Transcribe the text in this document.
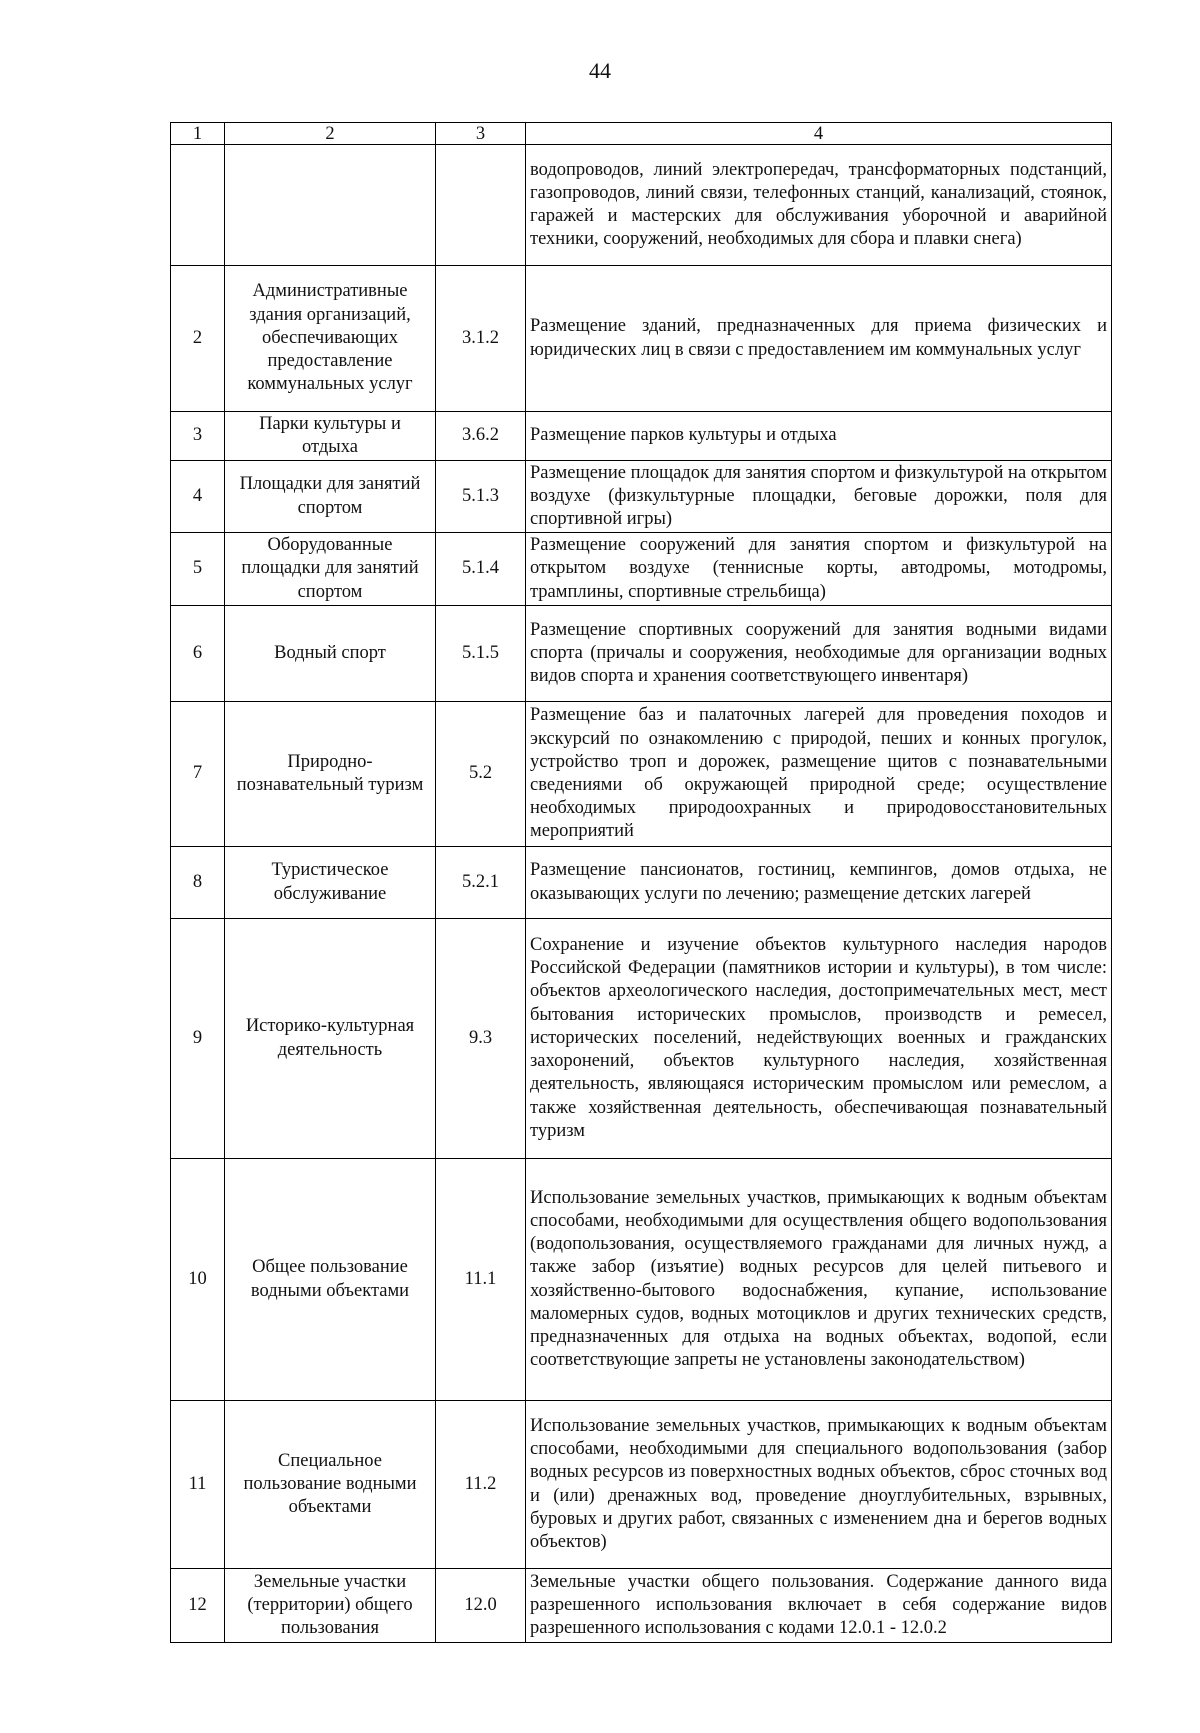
44
1	2	3	4
			водопроводов, линий электропередач, трансформаторных подстанций, газопроводов, линий связи, телефонных станций, канализаций, стоянок, гаражей и мастерских для обслуживания уборочной и аварийной техники, сооружений, необходимых для сбора и плавки снега)
2	Административные здания организаций, обеспечивающих предоставление коммунальных услуг	3.1.2	Размещение зданий, предназначенных для приема физических и юридических лиц в связи с предоставлением им коммунальных услуг
3	Парки культуры и отдыха	3.6.2	Размещение парков культуры и отдыха
4	Площадки для занятий спортом	5.1.3	Размещение площадок для занятия спортом и физкультурой на открытом воздухе (физкультурные площадки, беговые дорожки, поля для спортивной игры)
5	Оборудованные площадки для занятий спортом	5.1.4	Размещение сооружений для занятия спортом и физкультурой на открытом воздухе (теннисные корты, автодромы, мотодромы, трамплины, спортивные стрельбища)
6	Водный спорт	5.1.5	Размещение спортивных сооружений для занятия водными видами спорта (причалы и сооружения, необходимые для организации водных видов спорта и хранения соответствующего инвентаря)
7	Природно-познавательный туризм	5.2	Размещение баз и палаточных лагерей для проведения походов и экскурсий по ознакомлению с природой, пеших и конных прогулок, устройство троп и дорожек, размещение щитов с познавательными сведениями об окружающей природной среде; осуществление необходимых природоохранных и природовосстановительных мероприятий
8	Туристическое обслуживание	5.2.1	Размещение пансионатов, гостиниц, кемпингов, домов отдыха, не оказывающих услуги по лечению; размещение детских лагерей
9	Историко-культурная деятельность	9.3	Сохранение и изучение объектов культурного наследия народов Российской Федерации (памятников истории и культуры), в том числе: объектов археологического наследия, достопримечательных мест, мест бытования исторических промыслов, производств и ремесел, исторических поселений, недействующих военных и гражданских захоронений, объектов культурного наследия, хозяйственная деятельность, являющаяся историческим промыслом или ремеслом, а также хозяйственная деятельность, обеспечивающая познавательный туризм
10	Общее пользование водными объектами	11.1	Использование земельных участков, примыкающих к водным объектам способами, необходимыми для осуществления общего водопользования (водопользования, осуществляемого гражданами для личных нужд, а также забор (изъятие) водных ресурсов для целей питьевого и хозяйственно-бытового водоснабжения, купание, использование маломерных судов, водных мотоциклов и других технических средств, предназначенных для отдыха на водных объектах, водопой, если соответствующие запреты не установлены законодательством)
11	Специальное пользование водными объектами	11.2	Использование земельных участков, примыкающих к водным объектам способами, необходимыми для специального водопользования (забор водных ресурсов из поверхностных водных объектов, сброс сточных вод и (или) дренажных вод, проведение дноуглубительных, взрывных, буровых и других работ, связанных с изменением дна и берегов водных объектов)
12	Земельные участки (территории) общего пользования	12.0	Земельные участки общего пользования. Содержание данного вида разрешенного использования включает в себя содержание видов разрешенного использования с кодами 12.0.1 - 12.0.2
